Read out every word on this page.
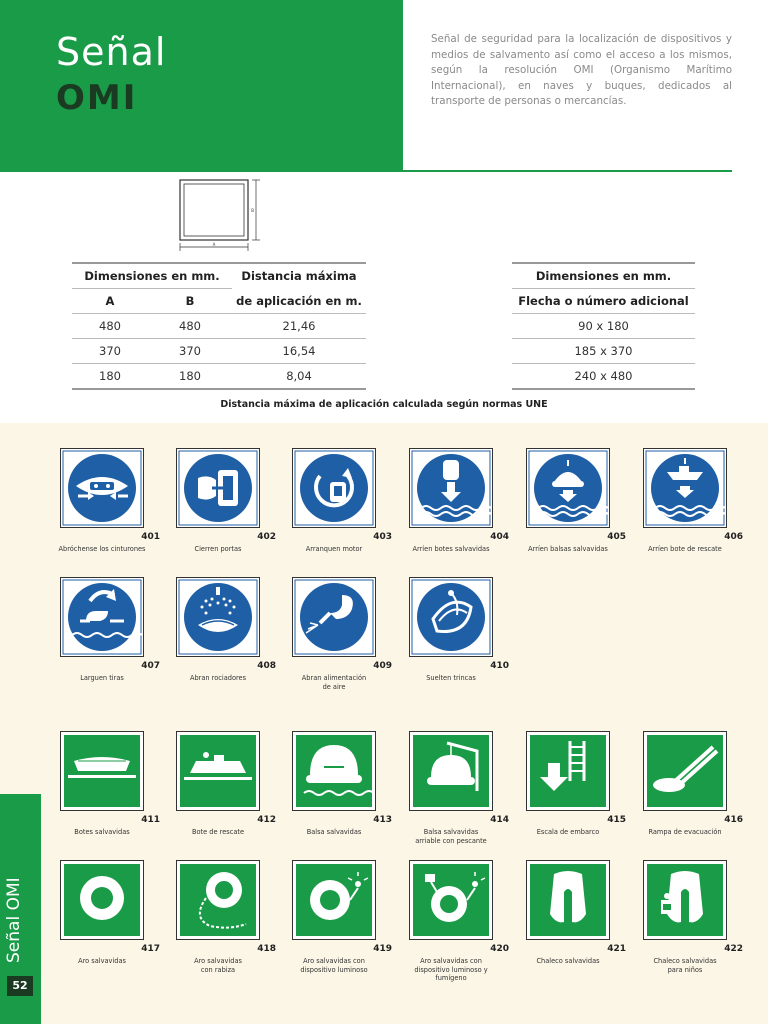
Señal
OMI
Señal de seguridad para la localización de dispositivos y medios de salvamento así como el acceso a los mismos, según la resolución OMI (Organismo Marítimo Internacional), en naves y buques, dedicados al transporte de personas o mercancías.
A
B
Dimensiones en mm.		Distancia máxima
A	B	de aplicación en m.
480	480	21,46
370	370	16,54
180	180	8,04
Dimensiones en mm.
Flecha o número adicional
90 x 180
185 x 370
240 x 480
Distancia máxima de aplicación calculada según normas UNE
401
Abróchense los cinturones
402
Cierren portas
403
Arranquen motor
404
Arríen botes salvavidas
405
Arríen balsas salvavidas
406
Arríen bote de rescate
407
Larguen tiras
408
Abran rociadores
409
Abran alimentación
de aire
410
Suelten trincas
411
Botes salvavidas
412
Bote de rescate
413
Balsa salvavidas
414
Balsa salvavidas
arriable con pescante
415
Escala de embarco
416
Rampa de evacuación
417
Aro salvavidas
418
Aro salvavidas
con rabiza
419
Aro salvavidas con
dispositivo luminoso
420
Aro salvavidas con
dispositivo luminoso y
fumígeno
421
Chaleco salvavidas
422
Chaleco salvavidas
para niños
Señal OMI
52
